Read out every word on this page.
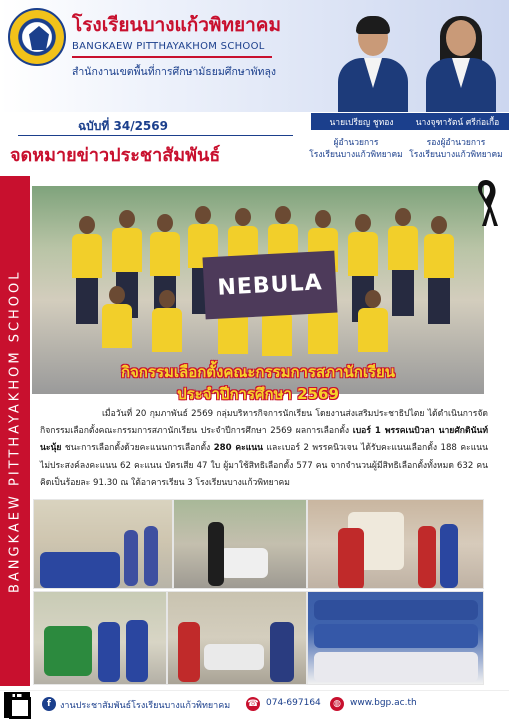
โรงเรียนบางแก้วพิทยาคม
BANGKAEW PITTHAYAKHOM SCHOOL
สำนักงานเขตพื้นที่การศึกษามัธยมศึกษาพัทลุง
นายเปรียญ ชูทอง	นางจุฑารัตน์ ศรีก่อเกื้อ
ผู้อำนวยการ
โรงเรียนบางแก้วพิทยาคม
รองผู้อำนวยการ
โรงเรียนบางแก้วพิทยาคม
ฉบับที่ 34/2569
จดหมายข่าวประชาสัมพันธ์
BANGKAEW PITTHAYAKHOM SCHOOL	NEBULA
กิจกรรมเลือกตั้งคณะกรรมการสภานักเรียน
ประจำปีการศึกษา 2569
เมื่อวันที่ 20 กุมภาพันธ์ 2569 กลุ่มบริหารกิจการนักเรียน โดยงานส่งเสริมประชาธิปไตย ได้ดำเนินการจัดกิจกรรมเลือกตั้งคณะกรรมการสภานักเรียน ประจำปีการศึกษา 2569 ผลการเลือกตั้ง เบอร์ 1 พรรคเนบิวลา นายศักดินันท์ นะนุ้ย ชนะการเลือกตั้งด้วยคะแนนการเลือกตั้ง 280 คะแนน และเบอร์ 2 พรรคนิวเจน ได้รับคะแนนเลือกตั้ง 188 คะแนน ไม่ประสงค์ลงคะแนน 62 คะแนน บัตรเสีย 47 ใบ ผู้มาใช้สิทธิเลือกตั้ง 577 คน จากจำนวนผู้มีสิทธิเลือกตั้งทั้งหมด 632 คน คิดเป็นร้อยละ 91.30 ณ ใต้อาคารเรียน 3 โรงเรียนบางแก้วพิทยาคม
f	งานประชาสัมพันธ์โรงเรียนบางแก้วพิทยาคม ☎ 074-697164	◍	www.bgp.ac.th
